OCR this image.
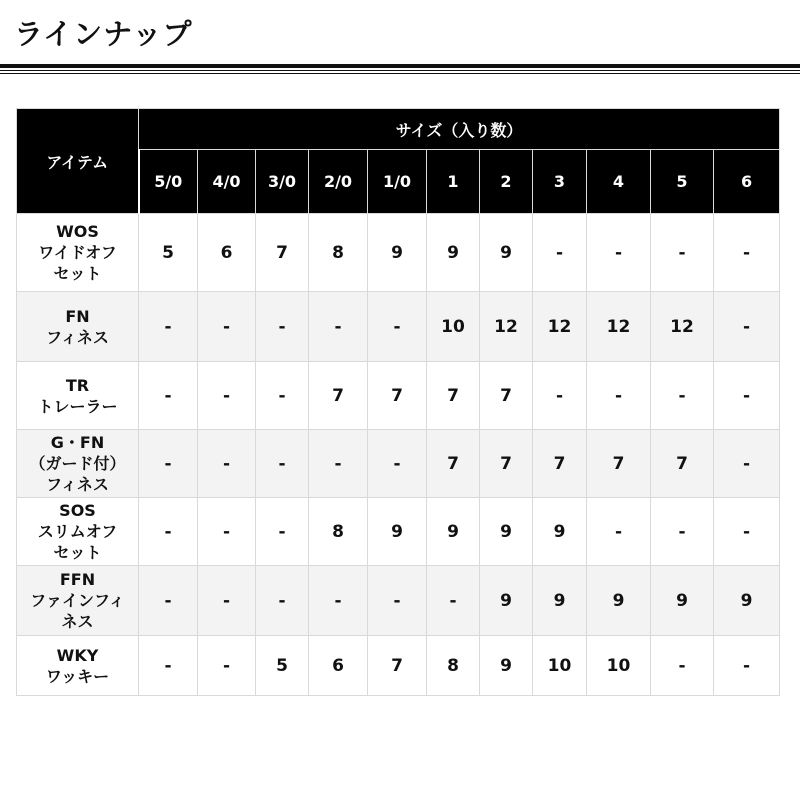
ラインナップ
アイテム	サイズ（入り数）										
	5/0	4/0	3/0	2/0	1/0	1	2	3	4	5	6

WOS
ワイドオフ
セット	5	6	7	8	9	9	9	-	-	-	-

FN
フィネス	-	-	-	-	-	10	12	12	12	12	-

TR
トレーラー	-	-	-	7	7	7	7	-	-	-	-

G・FN
（ガード付）
フィネス	-	-	-	-	-	7	7	7	7	7	-

SOS
スリムオフ
セット	-	-	-	8	9	9	9	9	-	-	-

FFN
ファインフィ
ネス	-	-	-	-	-	-	9	9	9	9	9

WKY
ワッキー	-	-	5	6	7	8	9	10	10	-	-
